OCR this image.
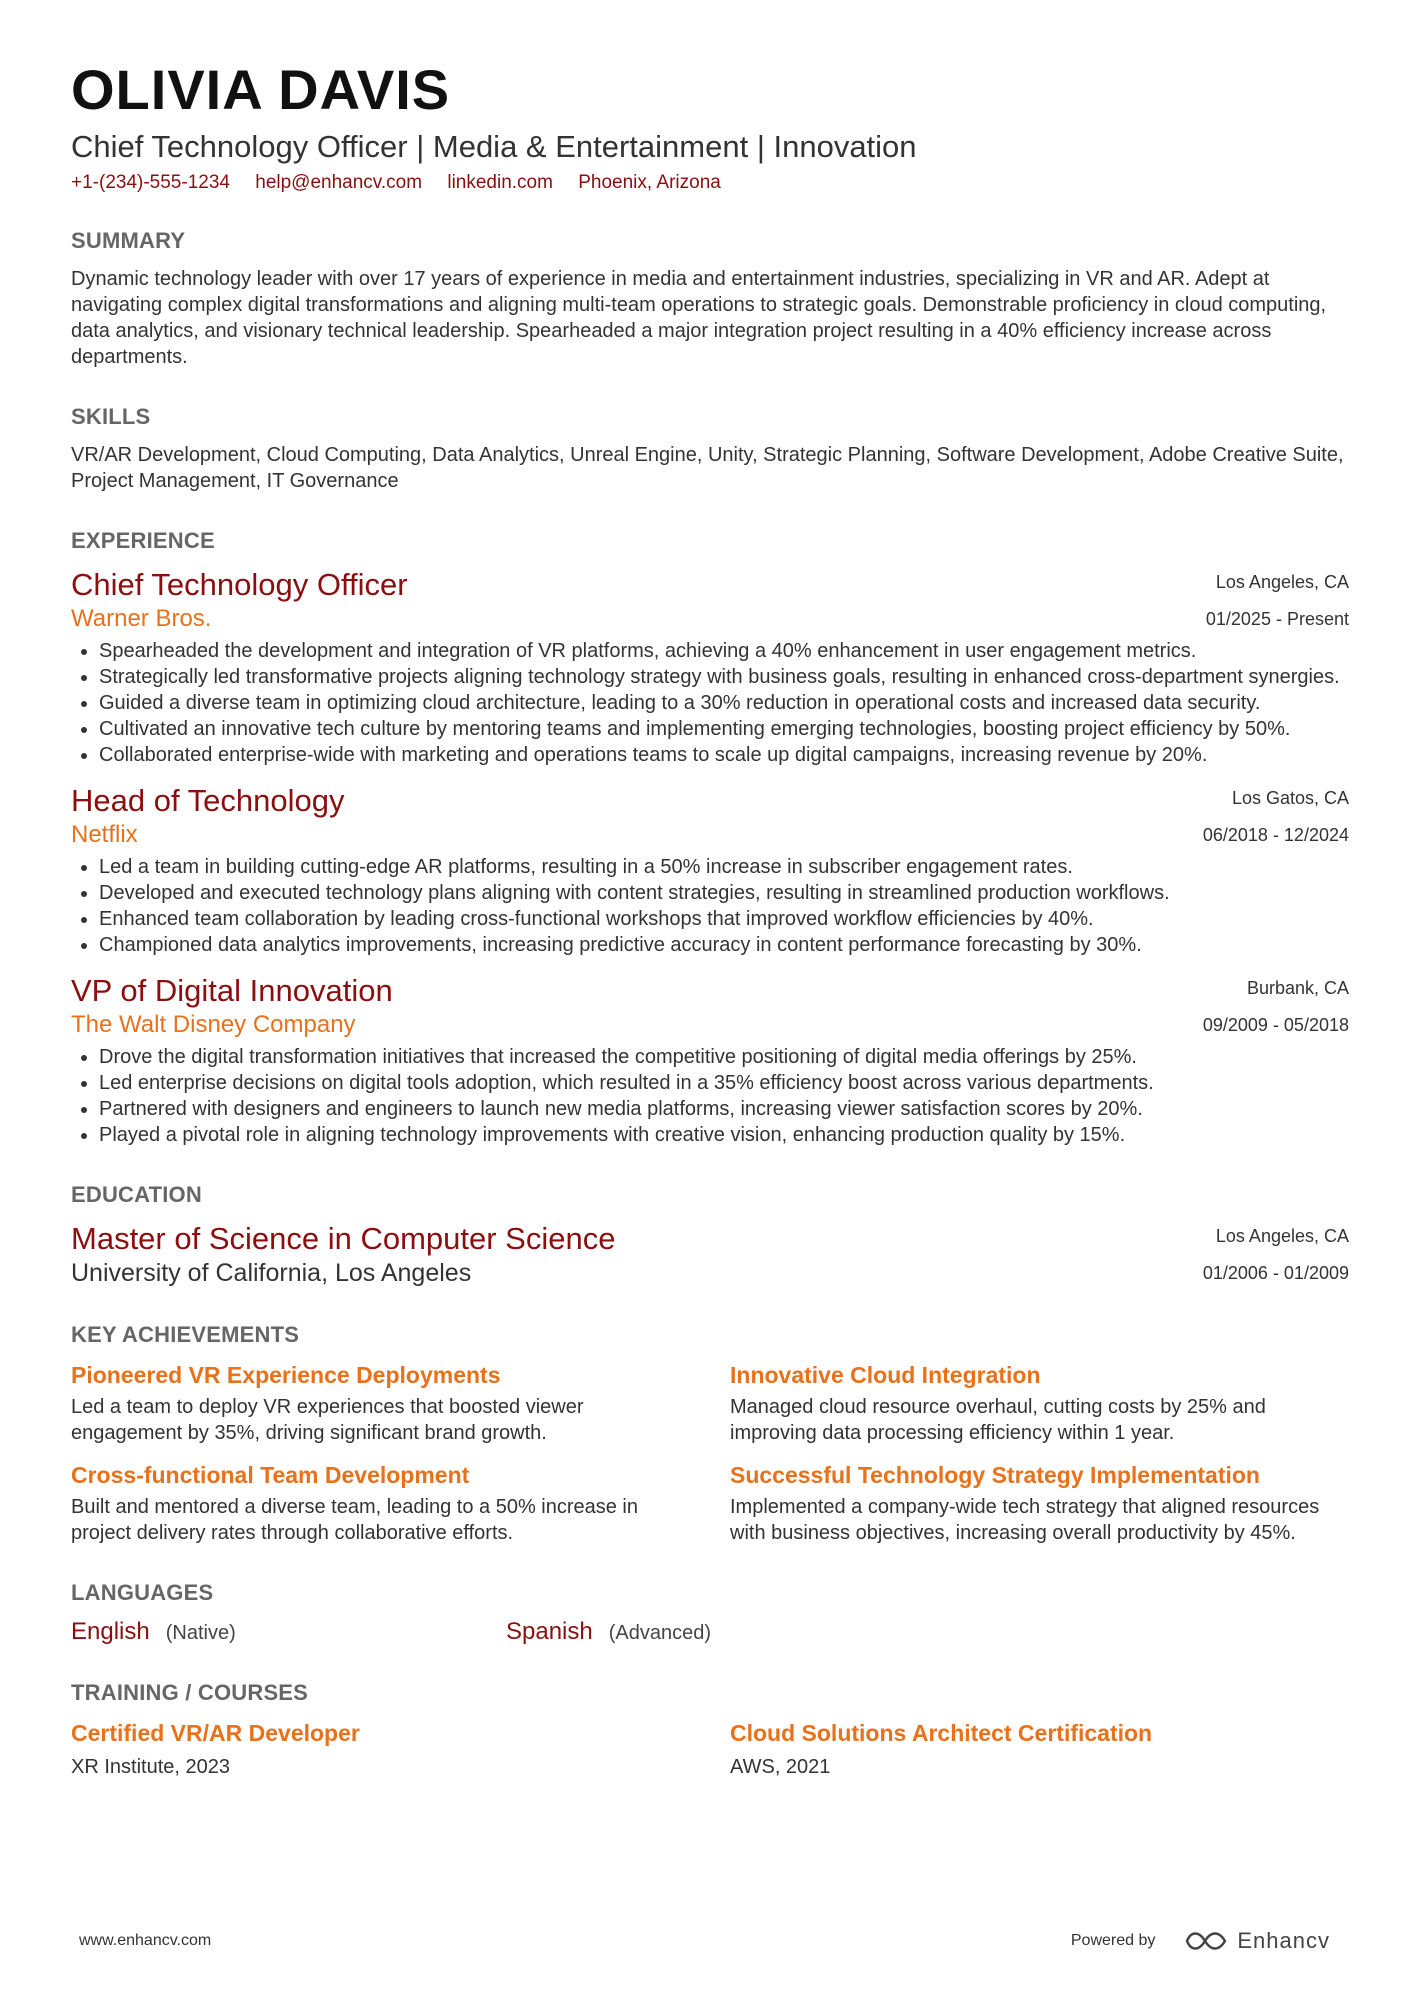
OLIVIA DAVIS
Chief Technology Officer | Media & Entertainment | Innovation
+1-(234)-555-1234 help@enhancv.com linkedin.com Phoenix, Arizona
SUMMARY

Dynamic technology leader with over 17 years of experience in media and entertainment industries, specializing in VR and AR. Adept at navigating complex digital transformations and aligning multi-team operations to strategic goals. Demonstrable proficiency in cloud computing, data analytics, and visionary technical leadership. Spearheaded a major integration project resulting in a 40% efficiency increase across departments.

SKILLS

VR/AR Development, Cloud Computing, Data Analytics, Unreal Engine, Unity, Strategic Planning, Software Development, Adobe Creative Suite, Project Management, IT Governance

EXPERIENCE
Chief Technology Officer	Los Angeles, CA
Warner Bros.	01/2025 - Present
• Spearheaded the development and integration of VR platforms, achieving a 40% enhancement in user engagement metrics.
• Strategically led transformative projects aligning technology strategy with business goals, resulting in enhanced cross-department synergies.
• Guided a diverse team in optimizing cloud architecture, leading to a 30% reduction in operational costs and increased data security.
• Cultivated an innovative tech culture by mentoring teams and implementing emerging technologies, boosting project efficiency by 50%.
• Collaborated enterprise-wide with marketing and operations teams to scale up digital campaigns, increasing revenue by 20%.
Head of Technology	Los Gatos, CA
Netflix	06/2018 - 12/2024
• Led a team in building cutting-edge AR platforms, resulting in a 50% increase in subscriber engagement rates.
• Developed and executed technology plans aligning with content strategies, resulting in streamlined production workflows.
• Enhanced team collaboration by leading cross-functional workshops that improved workflow efficiencies by 40%.
• Championed data analytics improvements, increasing predictive accuracy in content performance forecasting by 30%.
VP of Digital Innovation	Burbank, CA
The Walt Disney Company	09/2009 - 05/2018
• Drove the digital transformation initiatives that increased the competitive positioning of digital media offerings by 25%.
• Led enterprise decisions on digital tools adoption, which resulted in a 35% efficiency boost across various departments.
• Partnered with designers and engineers to launch new media platforms, increasing viewer satisfaction scores by 20%.
• Played a pivotal role in aligning technology improvements with creative vision, enhancing production quality by 15%.
EDUCATION
Master of Science in Computer Science	Los Angeles, CA
University of California, Los Angeles	01/2006 - 01/2009
KEY ACHIEVEMENTS
Pioneered VR Experience Deployments
Led a team to deploy VR experiences that boosted viewer engagement by 35%, driving significant brand growth.
Innovative Cloud Integration
Managed cloud resource overhaul, cutting costs by 25% and improving data processing efficiency within 1 year.
Cross-functional Team Development
Built and mentored a diverse team, leading to a 50% increase in project delivery rates through collaborative efforts.
Successful Technology Strategy Implementation
Implemented a company-wide tech strategy that aligned resources with business objectives, increasing overall productivity by 45%.
LANGUAGES
English (Native)	Spanish (Advanced)
TRAINING / COURSES
Certified VR/AR Developer
XR Institute, 2023
Cloud Solutions Architect Certification
AWS, 2021
www.enhancv.com	Powered by	Enhancv
